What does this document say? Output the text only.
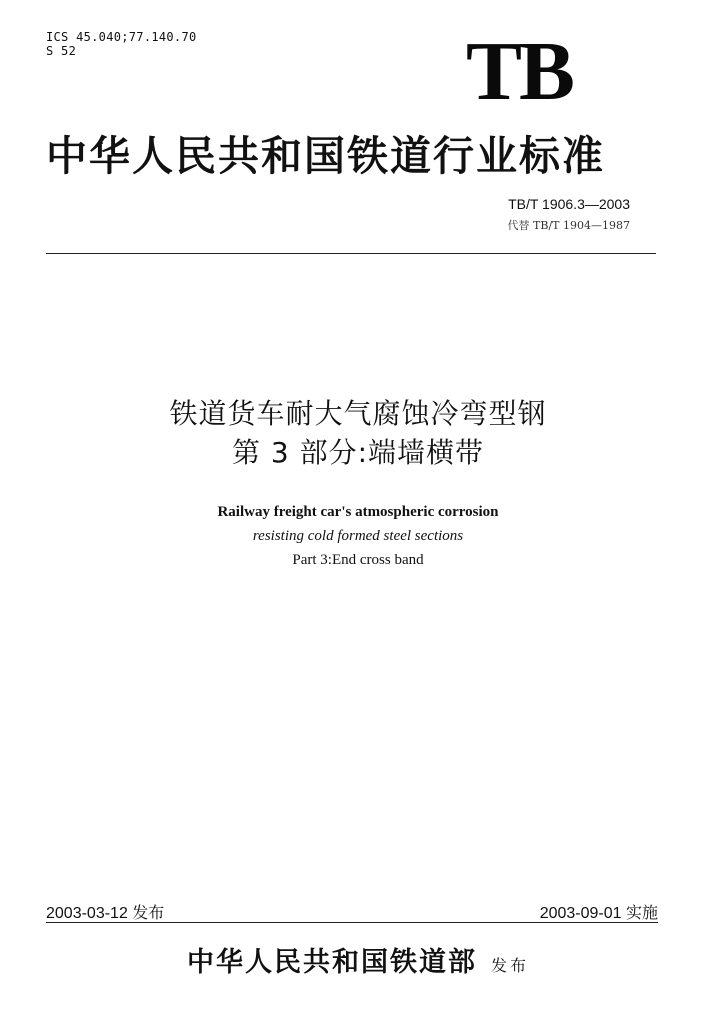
ICS 45.040;77.140.70
S 52	TB
中华人民共和国铁道行业标准
TB/T 1906.3—2003
代替 TB/T 1904—1987
铁道货车耐大气腐蚀冷弯型钢
第 3 部分:端墙横带
Railway freight car's atmospheric corrosion
resisting cold formed steel sections
Part 3:End cross band
2003-03-12 发布	2003-09-01 实施
中华人民共和国铁道部 发布
